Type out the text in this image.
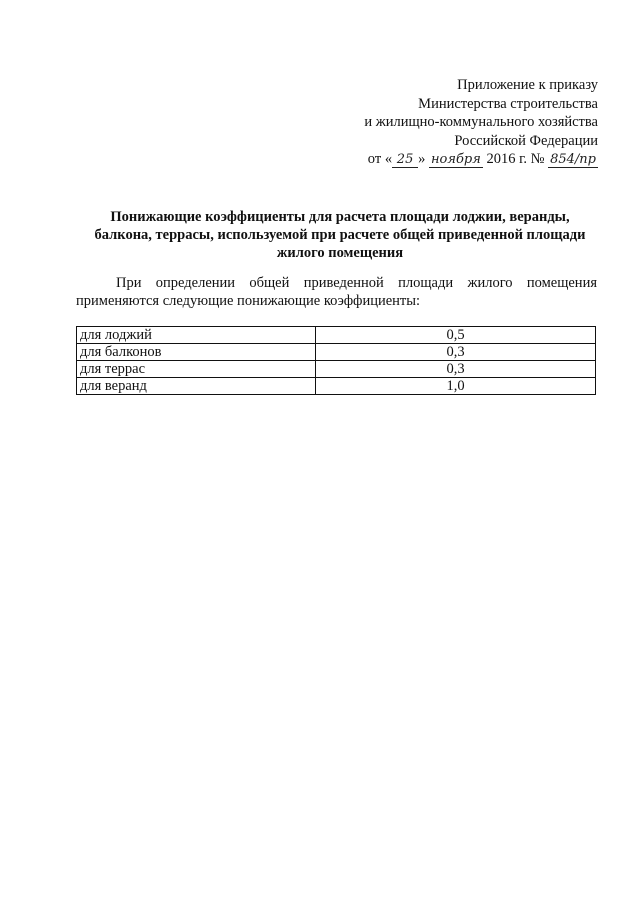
Приложение к приказу
Министерства строительства
и жилищно-коммунального хозяйства
Российской Федерации
от « 25 » ноября 2016 г. № 854/пр
Понижающие коэффициенты для расчета площади лоджии, веранды,
балкона, террасы, используемой при расчете общей приведенной площади
жилого помещения
При определении общей приведенной площади жилого помещения
применяются следующие понижающие коэффициенты:
для лоджий	0,5
для балконов	0,3
для террас	0,3
для веранд	1,0
